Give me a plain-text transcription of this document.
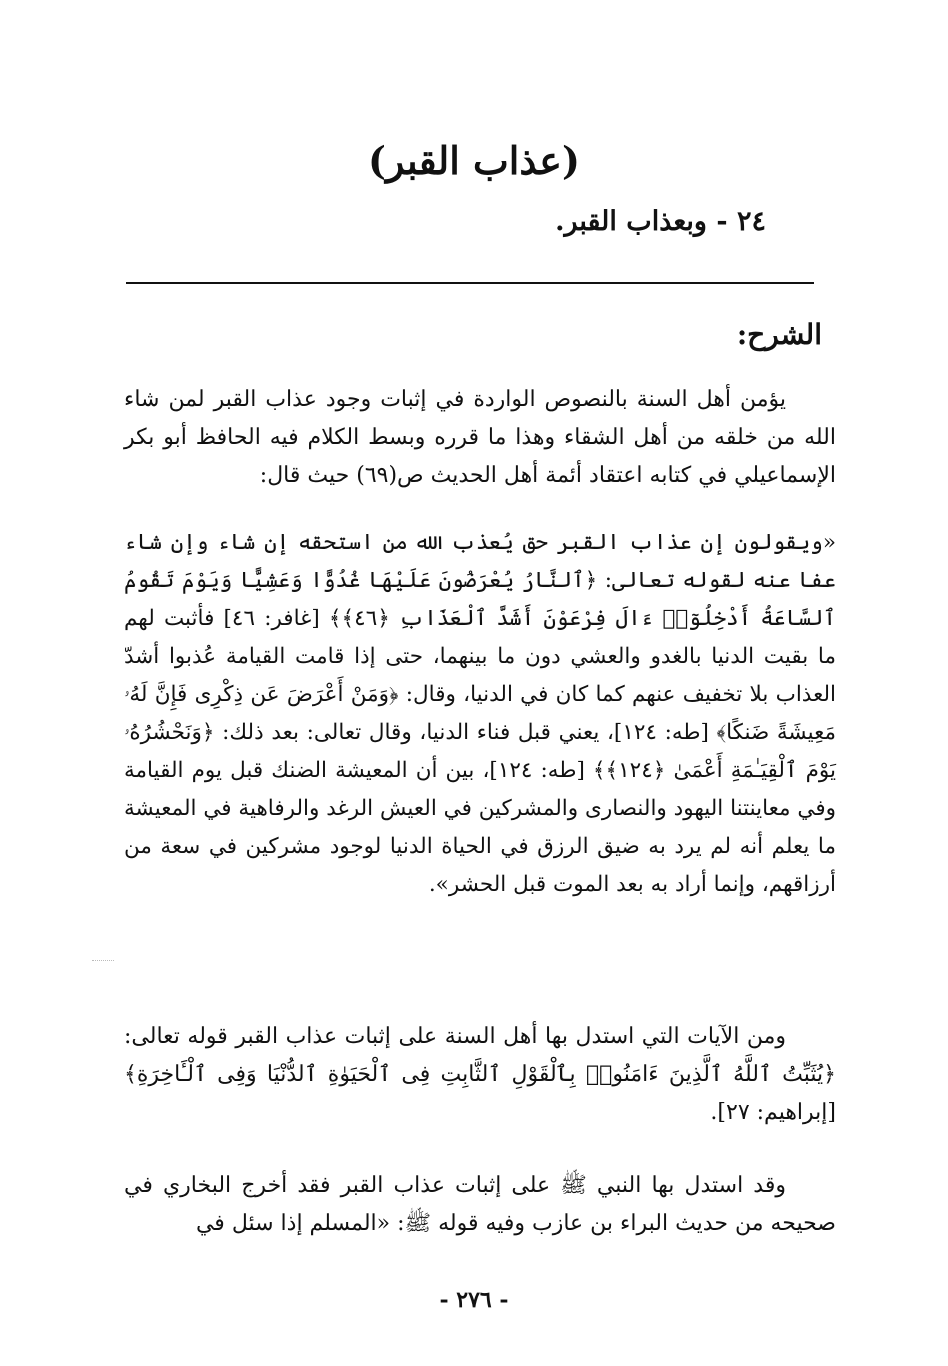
(عذاب القبر)
٢٤ - وبعذاب القبر.
الشرح:

يؤمن أهل السنة بالنصوص الواردة في إثبات وجود عذاب القبر لمن شاء الله من خلقه من أهل الشقاء وهذا ما قرره وبسط الكلام فيه الحافظ أبو بكر الإسماعيلي في كتابه اعتقاد أئمة أهل الحديث ص(٦٩) حيث قال:

«ويقولون إن عذاب القبر حق يُعذب الله من استحقه إن شاء وإن شاء عفا عنه لقوله تعالى: ﴿ٱلنَّارُ يُعْرَضُونَ عَلَيْهَا غُدُوًّا وَعَشِيًّا وَيَوْمَ تَقُومُ ٱلسَّاعَةُ أَدْخِلُوٓا۟ ءَالَ فِرْعَوْنَ أَشَدَّ ٱلْعَذَابِ ﴿٤٦﴾﴾ [غافر: ٤٦] فأثبت لهم ما بقيت الدنيا بالغدو والعشي دون ما بينهما، حتى إذا قامت القيامة عُذبوا أشدّ العذاب بلا تخفيف عنهم كما كان في الدنيا، وقال: ﴿وَمَنْ أَعْرَضَ عَن ذِكْرِى فَإِنَّ لَهُۥ مَعِيشَةً ضَنكًا﴾ [طه: ١٢٤]، يعني قبل فناء الدنيا، وقال تعالى: بعد ذلك: ﴿وَنَحْشُرُهُۥ يَوْمَ ٱلْقِيَـٰمَةِ أَعْمَىٰ ﴿١٢٤﴾﴾ [طه: ١٢٤]، بين أن المعيشة الضنك قبل يوم القيامة وفي معاينتنا اليهود والنصارى والمشركين في العيش الرغد والرفاهية في المعيشة ما يعلم أنه لم يرد به ضيق الرزق في الحياة الدنيا لوجود مشركين في سعة من أرزاقهم، وإنما أراد به بعد الموت قبل الحشر».

ومن الآيات التي استدل بها أهل السنة على إثبات عذاب القبر قوله تعالى: ﴿يُثَبِّتُ ٱللَّهُ ٱلَّذِينَ ءَامَنُوا۟ بِٱلْقَوْلِ ٱلثَّابِتِ فِى ٱلْحَيَوٰةِ ٱلدُّنْيَا وَفِى ٱلْـَٔاخِرَةِ﴾ [إبراهيم: ٢٧].

وقد استدل بها النبي ﷺ على إثبات عذاب القبر فقد أخرج البخاري في صحيحه من حديث البراء بن عازب وفيه قوله ﷺ: «المسلم إذا سئل في

- ٢٧٦ -
